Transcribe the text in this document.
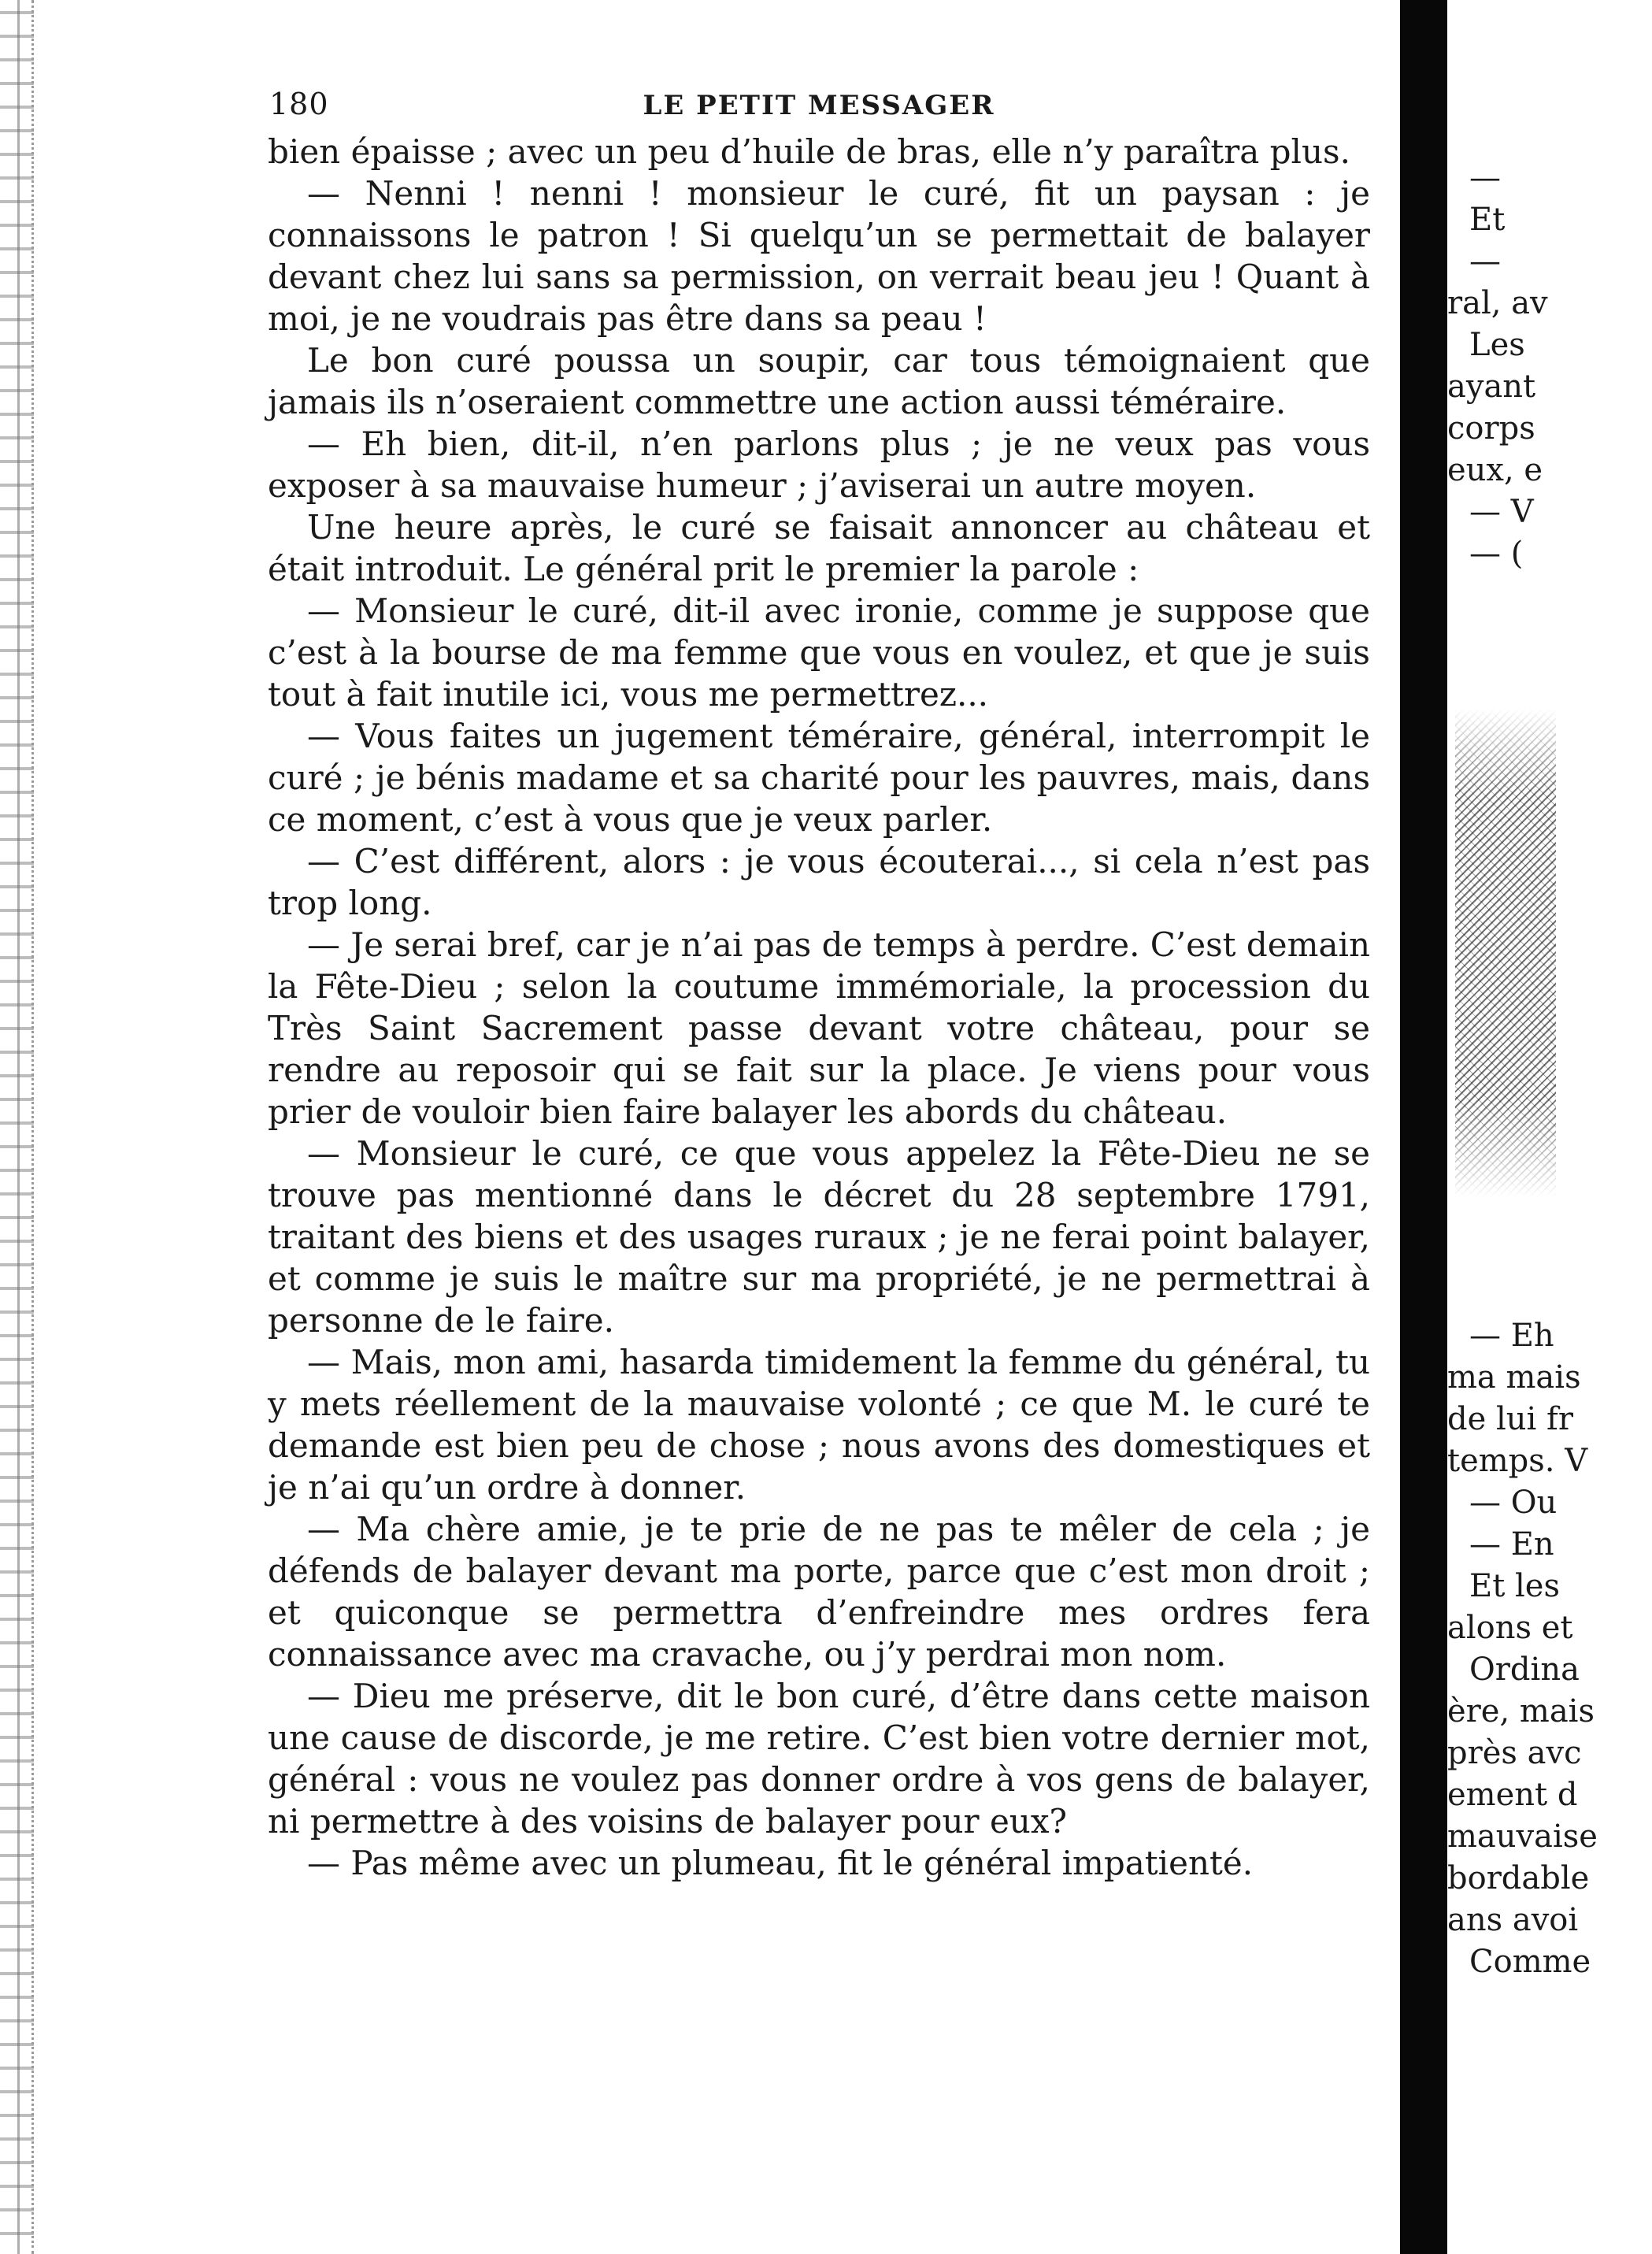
180	LE PETIT MESSAGER

bien épaisse ; avec un peu d’huile de bras, elle n’y paraîtra plus.

— Nenni ! nenni ! monsieur le curé, fit un paysan : je connaissons le patron ! Si quelqu’un se permettait de balayer devant chez lui sans sa permission, on verrait beau jeu ! Quant à moi, je ne voudrais pas être dans sa peau !

Le bon curé poussa un soupir, car tous témoignaient que jamais ils n’oseraient commettre une action aussi téméraire.

— Eh bien, dit-il, n’en parlons plus ; je ne veux pas vous exposer à sa mauvaise humeur ; j’aviserai un autre moyen.

Une heure après, le curé se faisait annoncer au château et était introduit. Le général prit le premier la parole :

— Monsieur le curé, dit-il avec ironie, comme je suppose que c’est à la bourse de ma femme que vous en voulez, et que je suis tout à fait inutile ici, vous me permettrez...

— Vous faites un jugement téméraire, général, interrompit le curé ; je bénis madame et sa charité pour les pauvres, mais, dans ce moment, c’est à vous que je veux parler.

— C’est différent, alors : je vous écouterai..., si cela n’est pas trop long.

— Je serai bref, car je n’ai pas de temps à perdre. C’est demain la Fête-Dieu ; selon la coutume immémoriale, la procession du Très Saint Sacrement passe devant votre château, pour se rendre au reposoir qui se fait sur la place. Je viens pour vous prier de vouloir bien faire balayer les abords du château.

— Monsieur le curé, ce que vous appelez la Fête-Dieu ne se trouve pas mentionné dans le décret du 28 septembre 1791, traitant des biens et des usages ruraux ; je ne ferai point balayer, et comme je suis le maître sur ma propriété, je ne permettrai à personne de le faire.

— Mais, mon ami, hasarda timidement la femme du général, tu y mets réellement de la mauvaise volonté ; ce que M. le curé te demande est bien peu de chose ; nous avons des domestiques et je n’ai qu’un ordre à donner.

— Ma chère amie, je te prie de ne pas te mêler de cela ; je défends de balayer devant ma porte, parce que c’est mon droit ; et quiconque se permettra d’enfreindre mes ordres fera connaissance avec ma cravache, ou j’y perdrai mon nom.

— Dieu me préserve, dit le bon curé, d’être dans cette maison une cause de discorde, je me retire. C’est bien votre dernier mot, général : vous ne voulez pas donner ordre à vos gens de balayer, ni permettre à des voisins de balayer pour eux?

— Pas même avec un plumeau, fit le général impatienté.

—
Et
—
ral, av
Les
ayant
corps
eux, e
— V
— (
— Eh
ma mais
de lui fr
temps. V
— Ou
— En
Et les
alons et
Ordina
ère, mais
près avc
ement d
mauvaise
bordable
ans avoi
Comme
